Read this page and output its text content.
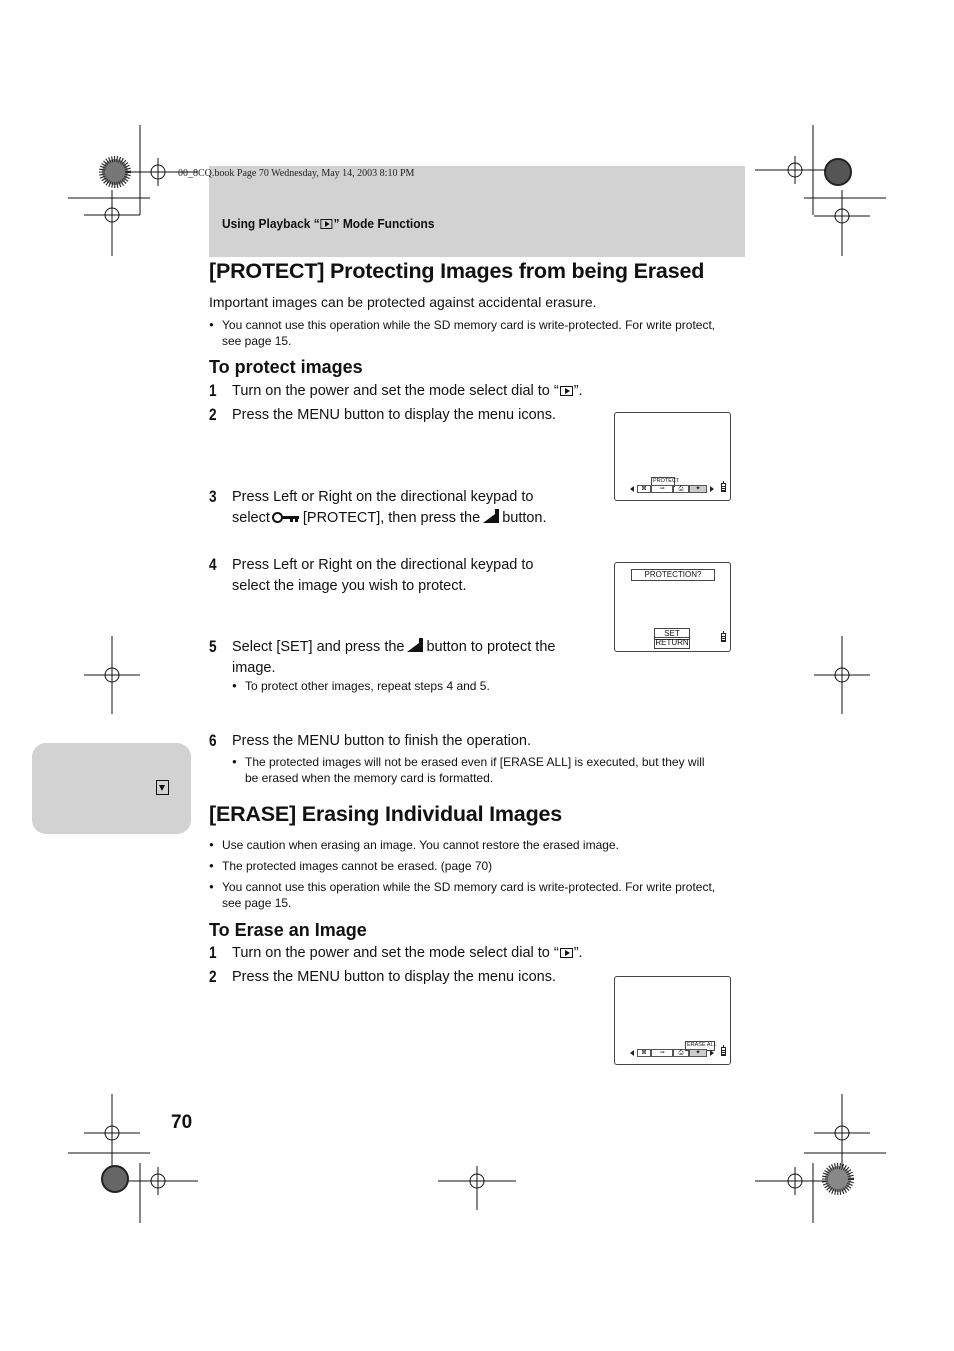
00_8CQ.book Page 70 Wednesday, May 14, 2003 8:10 PM
Using Playback “ ” Mode Functions
[PROTECT] Protecting Images from being Erased
Important images can be protected against accidental erasure.
● You cannot use this operation while the SD memory card is write-protected. For write protect,
see page 15.
To protect images
1 Turn on the power and set the mode select dial to “ ”.
2 Press the MENU button to display the menu icons.
3 Press Left or Right on the directional keypad to
select [PROTECT], then press the button.
4 Press Left or Right on the directional keypad to
select the image you wish to protect.
5 Select [SET] and press the button to protect the
image.
● To protect other images, repeat steps 4 and 5.
6 Press the MENU button to finish the operation.
● The protected images will not be erased even if [ERASE ALL] is executed, but they will
be erased when the memory card is formatted.
PROTECT
⊠	⊸	⎙	✦
PROTECTION?
SET
RETURN
[ERASE] Erasing Individual Images
● Use caution when erasing an image. You cannot restore the erased image.
● The protected images cannot be erased. (page 70)
● You cannot use this operation while the SD memory card is write-protected. For write protect,
see page 15.
To Erase an Image
1 Turn on the power and set the mode select dial to “ ”.
2 Press the MENU button to display the menu icons.
ERASE ALL
⊠	⊸	⎙	✦
70
